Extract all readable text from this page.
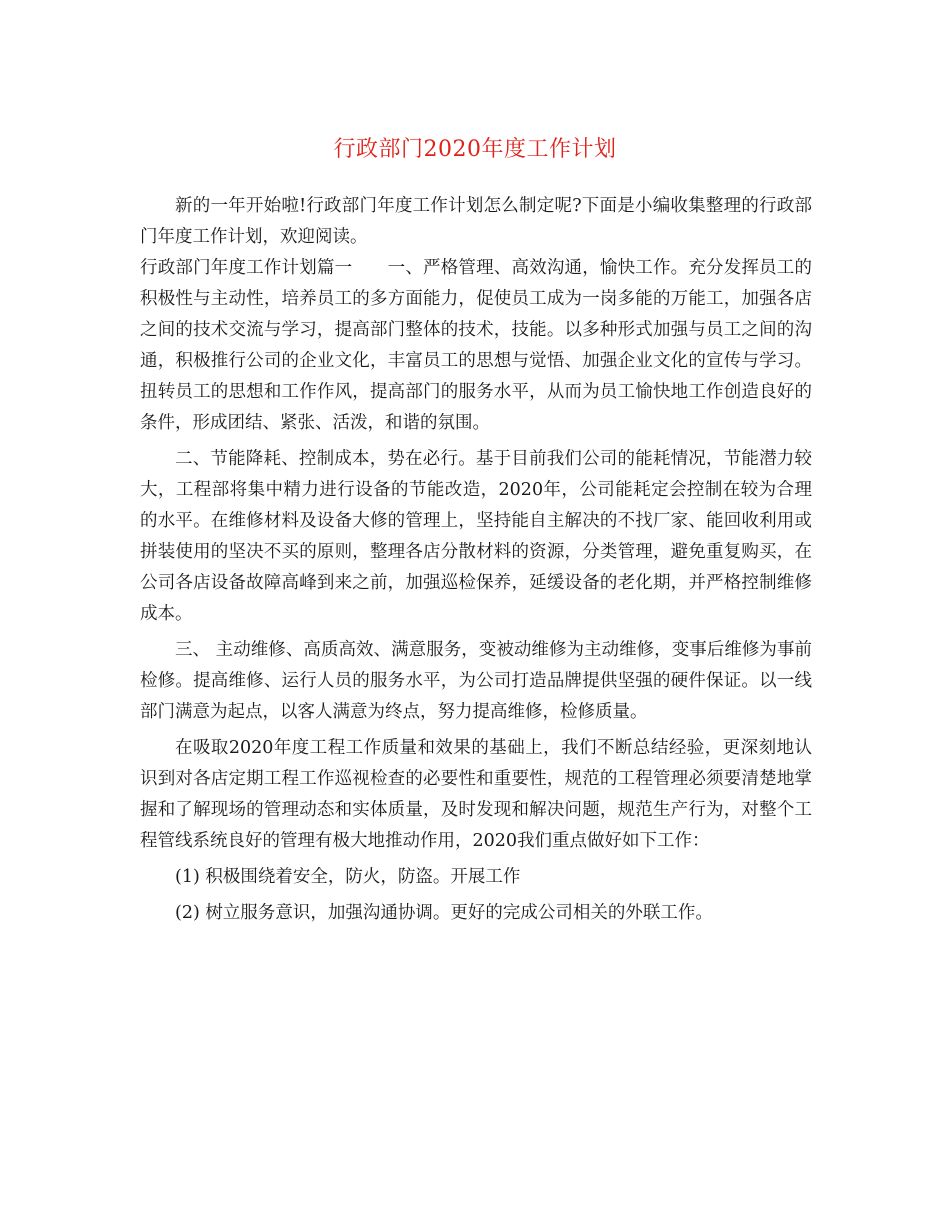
行政部门2020年度工作计划

新的一年开始啦!行政部门年度工作计划怎么制定呢?下面是小编收集整理的行政部门年度工作计划，欢迎阅读。

行政部门年度工作计划篇一　　一、严格管理、高效沟通，愉快工作。充分发挥员工的积极性与主动性，培养员工的多方面能力，促使员工成为一岗多能的万能工，加强各店之间的技术交流与学习，提高部门整体的技术，技能。以多种形式加强与员工之间的沟通，积极推行公司的企业文化，丰富员工的思想与觉悟、加强企业文化的宣传与学习。扭转员工的思想和工作作风，提高部门的服务水平，从而为员工愉快地工作创造良好的条件，形成团结、紧张、活泼，和谐的氛围。

二、节能降耗、控制成本，势在必行。基于目前我们公司的能耗情况，节能潜力较大，工程部将集中精力进行设备的节能改造，2020年，公司能耗定会控制在较为合理的水平。在维修材料及设备大修的管理上，坚持能自主解决的不找厂家、能回收利用或拼装使用的坚决不买的原则，整理各店分散材料的资源，分类管理，避免重复购买，在公司各店设备故障高峰到来之前，加强巡检保养，延缓设备的老化期，并严格控制维修成本。

三、 主动维修、高质高效、满意服务，变被动维修为主动维修，变事后维修为事前检修。提高维修、运行人员的服务水平，为公司打造品牌提供坚强的硬件保证。以一线部门满意为起点，以客人满意为终点，努力提高维修，检修质量。

在吸取2020年度工程工作质量和效果的基础上，我们不断总结经验，更深刻地认识到对各店定期工程工作巡视检查的必要性和重要性，规范的工程管理必须要清楚地掌握和了解现场的管理动态和实体质量，及时发现和解决问题，规范生产行为，对整个工程管线系统良好的管理有极大地推动作用，2020我们重点做好如下工作：

(1) 积极围绕着安全，防火，防盗。开展工作

(2) 树立服务意识，加强沟通协调。更好的完成公司相关的外联工作。
